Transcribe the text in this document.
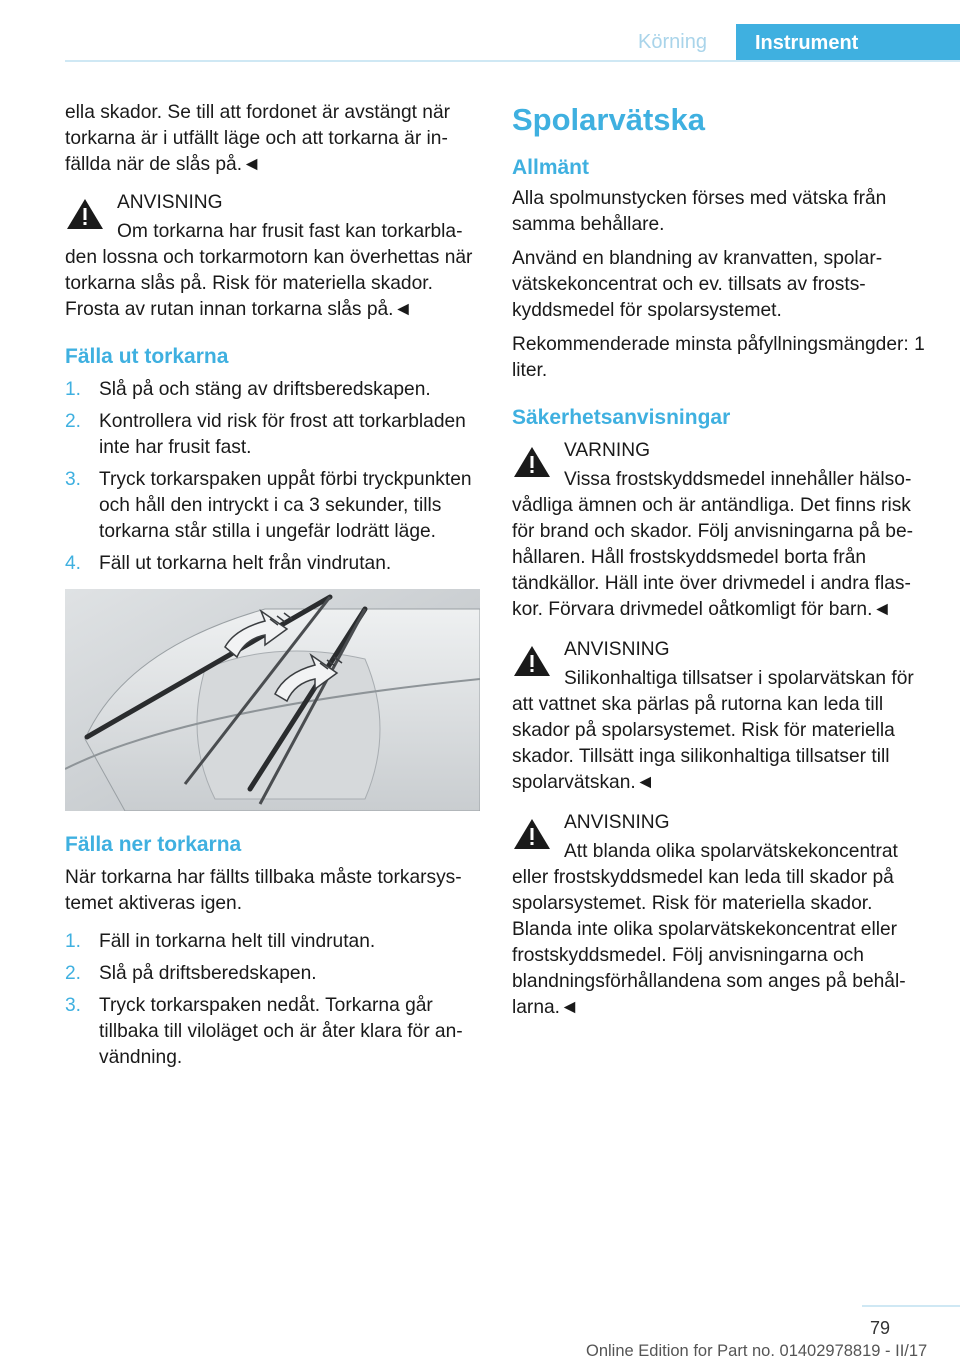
Körning	Instrument

ella skador. Se till att fordonet är avstängt när torkarna är i utfällt läge och att torkarna är infällda när de slås på.◄

ANVISNING
Om torkarna har frusit fast kan torkarbladen lossna och torkarmotorn kan överhettas när torkarna slås på. Risk för materiella skador. Frosta av rutan innan torkarna slås på.◄
Fälla ut torkarna
1. Slå på och stäng av driftsberedskapen.
2. Kontrollera vid risk för frost att torkarbladen inte har frusit fast.
3. Tryck torkarspaken uppåt förbi tryckpunkten och håll den intryckt i ca 3 sekunder, tills torkarna står stilla i ungefär lodrätt läge.
4. Fäll ut torkarna helt från vindrutan.
Fälla ner torkarna

När torkarna har fällts tillbaka måste torkarsystemet aktiveras igen.

1. Fäll in torkarna helt till vindrutan.
2. Slå på driftsberedskapen.
3. Tryck torkarspaken nedåt. Torkarna går tillbaka till viloläget och är åter klara för användning.
Spolarvätska
Allmänt

Alla spolmunstycken förses med vätska från samma behållare.

Använd en blandning av kranvatten, spolarvätskekoncentrat och ev. tillsats av frostskyddsmedel för spolarsystemet.

Rekommenderade minsta påfyllningsmängder: 1 liter.

Säkerhetsanvisningar
VARNING
Vissa frostskyddsmedel innehåller hälsovådliga ämnen och är antändliga. Det finns risk för brand och skador. Följ anvisningarna på behållaren. Håll frostskyddsmedel borta från tändkällor. Häll inte över drivmedel i andra flaskor. Förvara drivmedel oåtkomligt för barn.◄
ANVISNING
Silikonhaltiga tillsatser i spolarvätskan för att vattnet ska pärlas på rutorna kan leda till skador på spolarsystemet. Risk för materiella skador. Tillsätt inga silikonhaltiga tillsatser till spolarvätskan.◄
ANVISNING
Att blanda olika spolarvätskekoncentrat eller frostskyddsmedel kan leda till skador på spolarsystemet. Risk för materiella skador. Blanda inte olika spolarvätskekoncentrat eller frostskyddsmedel. Följ anvisningarna och blandningsförhållandena som anges på behållarna.◄
79
Online Edition for Part no. 01402978819 - II/17
